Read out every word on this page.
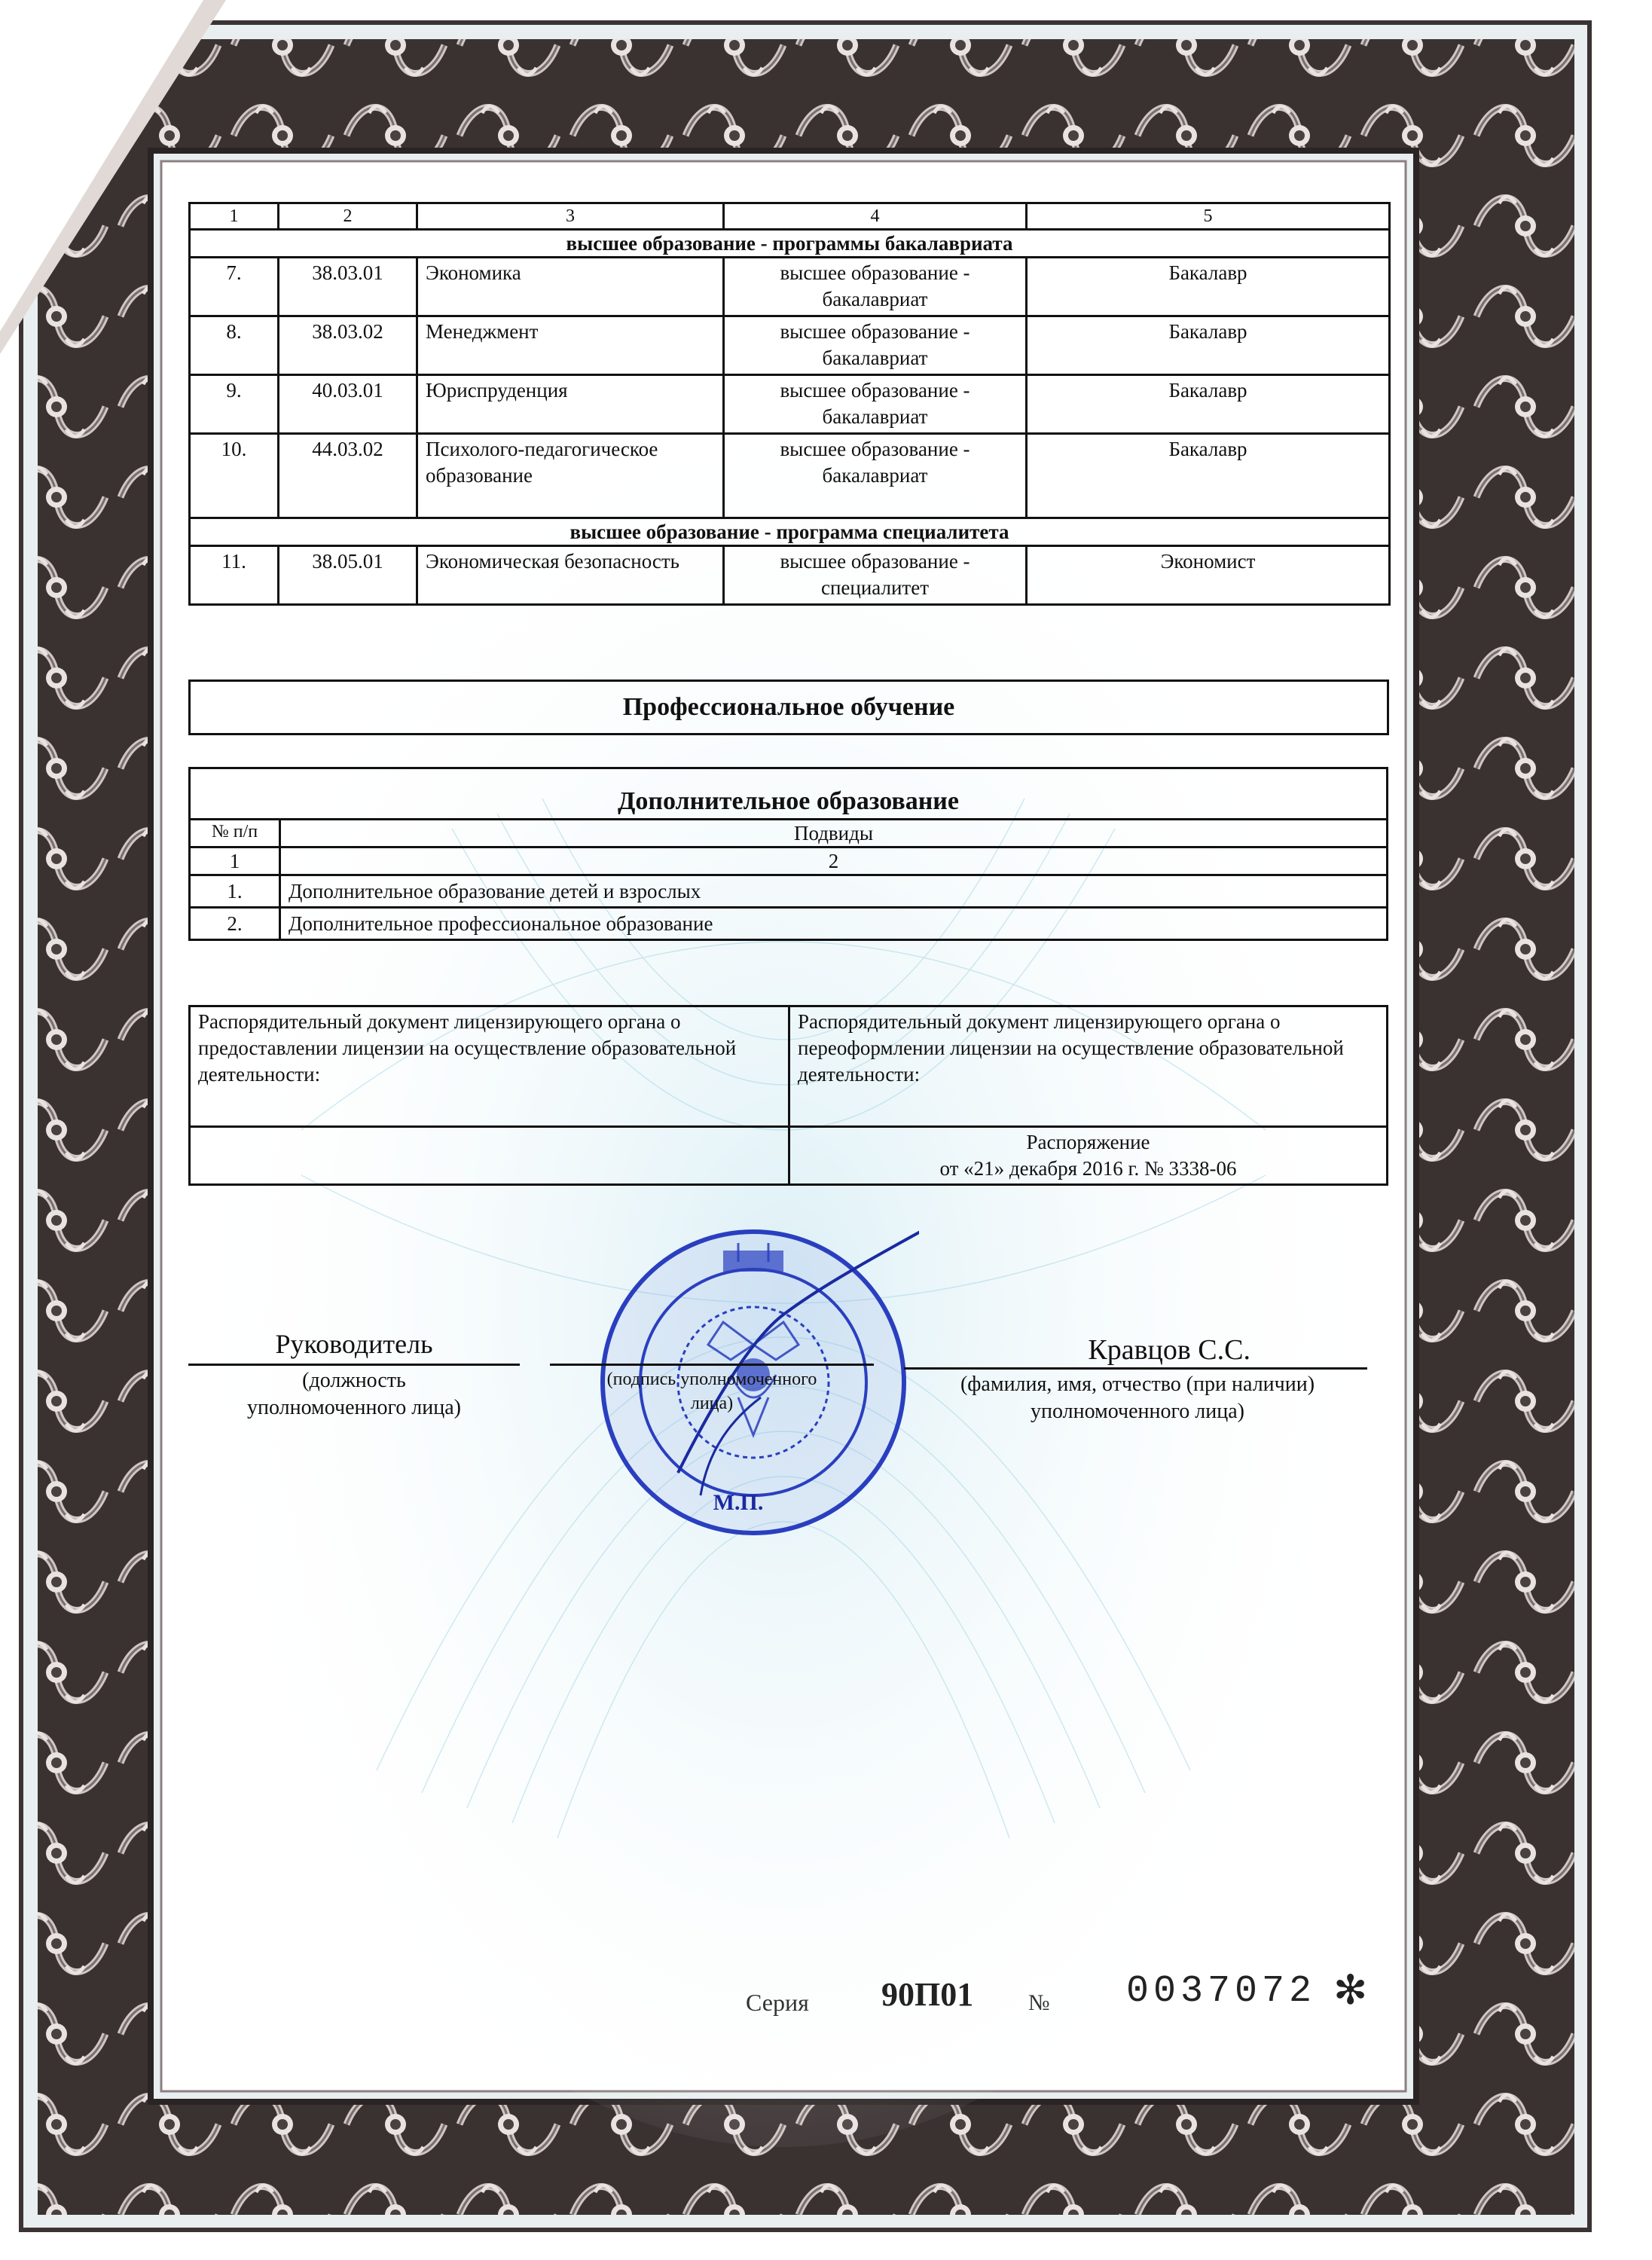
1	2	3	4	5
высшее образование - программы бакалавриата				
7.	38.03.01	Экономика	высшее образование - бакалавриат	Бакалавр
8.	38.03.02	Менеджмент	высшее образование - бакалавриат	Бакалавр
9.	40.03.01	Юриспруденция	высшее образование - бакалавриат	Бакалавр
10.	44.03.02	Психолого-педагогическое образование	высшее образование - бакалавриат	Бакалавр
высшее образование - программа специалитета				
11.	38.05.01	Экономическая безопасность	высшее образование - специалитет	Экономист
Профессиональное обучение
Дополнительное образование	
№ п/п	Подвиды
1	2
1.	Дополнительное образование детей и взрослых
2.	Дополнительное профессиональное образование
Распорядительный документ лицензирующего органа о предоставлении лицензии на осуществление образовательной деятельности:	Распорядительный документ лицензирующего органа о переоформлении лицензии на осуществление образовательной деятельности:

	Распоряжение
от «21» декабря 2016 г. № 3338-06
М.П.
Руководитель
(должность
уполномоченного лица)
(подпись уполномоченного
лица)
Кравцов С.С.
(фамилия, имя, отчество (при наличии)
уполномоченного лица)
Серия 90П01 № 0037072 ✻
